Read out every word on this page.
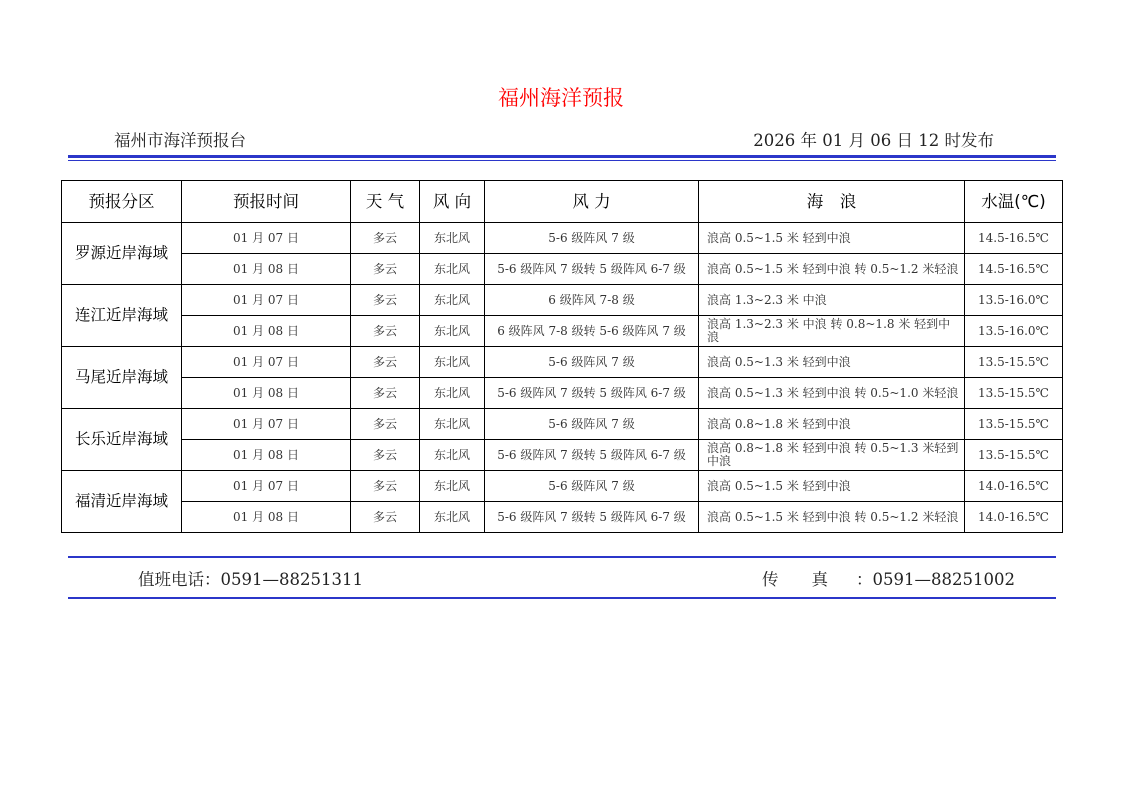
福州海洋预报
福州市海洋预报台	2026 年 01 月 06 日 12 时发布
预报分区	预报时间	天 气	风 向	风 力	海　浪	水温(℃)
罗源近岸海域	01 月 07 日	多云	东北风	5-6 级阵风 7 级	浪高 0.5~1.5 米 轻到中浪	14.5-16.5℃
	01 月 08 日	多云	东北风	5-6 级阵风 7 级转 5 级阵风 6-7 级	浪高 0.5~1.5 米 轻到中浪 转 0.5~1.2 米轻浪	14.5-16.5℃
连江近岸海域	01 月 07 日	多云	东北风	6 级阵风 7-8 级	浪高 1.3~2.3 米 中浪	13.5-16.0℃
	01 月 08 日	多云	东北风	6 级阵风 7-8 级转 5-6 级阵风 7 级	浪高 1.3~2.3 米 中浪 转 0.8~1.8 米 轻到中浪	13.5-16.0℃
马尾近岸海域	01 月 07 日	多云	东北风	5-6 级阵风 7 级	浪高 0.5~1.3 米 轻到中浪	13.5-15.5℃
	01 月 08 日	多云	东北风	5-6 级阵风 7 级转 5 级阵风 6-7 级	浪高 0.5~1.3 米 轻到中浪 转 0.5~1.0 米轻浪	13.5-15.5℃
长乐近岸海域	01 月 07 日	多云	东北风	5-6 级阵风 7 级	浪高 0.8~1.8 米 轻到中浪	13.5-15.5℃
	01 月 08 日	多云	东北风	5-6 级阵风 7 级转 5 级阵风 6-7 级	浪高 0.8~1.8 米 轻到中浪 转 0.5~1.3 米轻到中浪	13.5-15.5℃
福清近岸海域	01 月 07 日	多云	东北风	5-6 级阵风 7 级	浪高 0.5~1.5 米 轻到中浪	14.0-16.5℃
	01 月 08 日	多云	东北风	5-6 级阵风 7 级转 5 级阵风 6-7 级	浪高 0.5~1.5 米 轻到中浪 转 0.5~1.2 米轻浪	14.0-16.5℃
值班电话：0591—88251311	传　　真 ：0591—88251002
